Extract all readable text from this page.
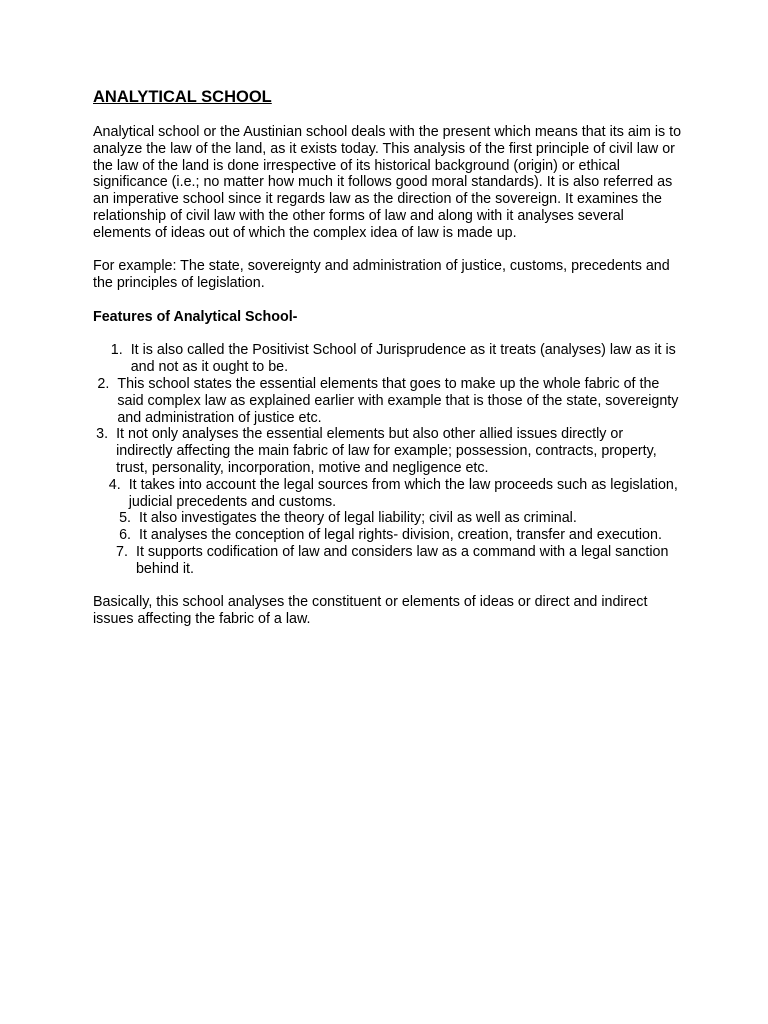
ANALYTICAL SCHOOL

Analytical school or the Austinian school deals with the present which means that its aim is to analyze the law of the land, as it exists today. This analysis of the first principle of civil law or the law of the land is done irrespective of its historical background (origin) or ethical significance (i.e.; no matter how much it follows good moral standards). It is also referred as an imperative school since it regards law as the direction of the sovereign. It examines the relationship of civil law with the other forms of law and along with it analyses several elements of ideas out of which the complex idea of law is made up.

For example: The state, sovereignty and administration of justice, customs, precedents and the principles of legislation.

Features of Analytical School-

1. It is also called the Positivist School of Jurisprudence as it treats (analyses) law as it is and not as it ought to be.
2. This school states the essential elements that goes to make up the whole fabric of the said complex law as explained earlier with example that is those of the state, sovereignty and administration of justice etc.
3. It not only analyses the essential elements but also other allied issues directly or indirectly affecting the main fabric of law for example; possession, contracts, property, trust, personality, incorporation, motive and negligence etc.
4. It takes into account the legal sources from which the law proceeds such as legislation, judicial precedents and customs.
5. It also investigates the theory of legal liability; civil as well as criminal.
6. It analyses the conception of legal rights- division, creation, transfer and execution.
7. It supports codification of law and considers law as a command with a legal sanction behind it.

Basically, this school analyses the constituent or elements of ideas or direct and indirect issues affecting the fabric of a law.
